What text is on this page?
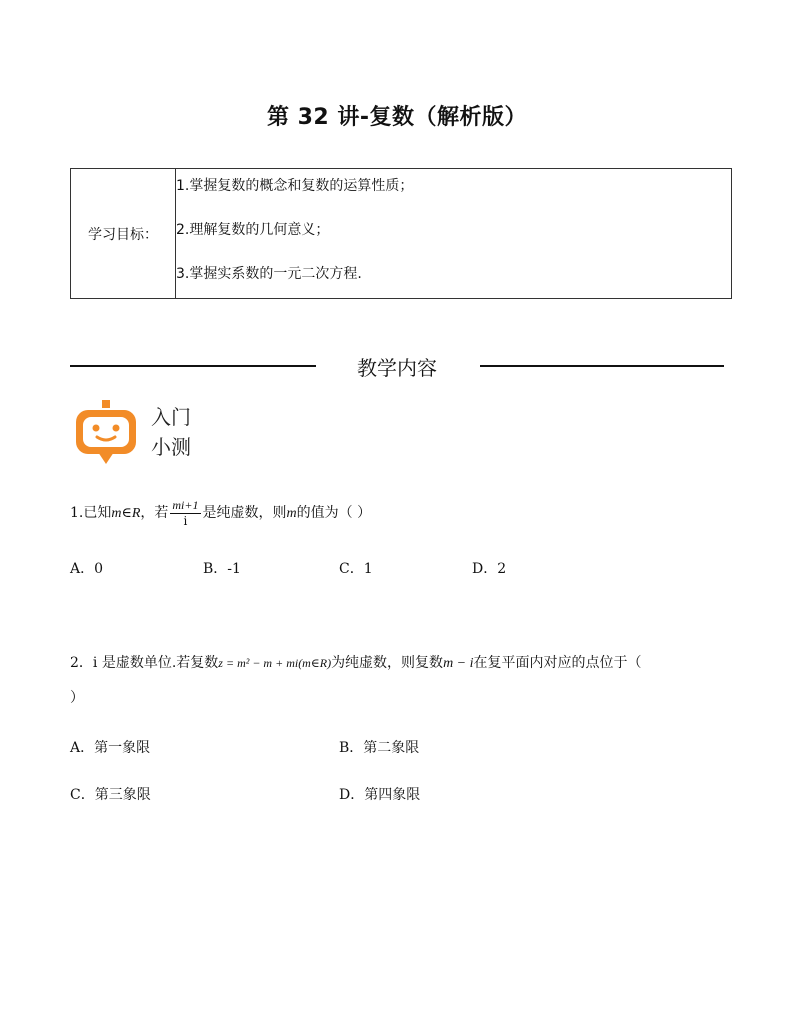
第 32 讲-复数（解析版）
学习目标：
1.掌握复数的概念和复数的运算性质；
2.理解复数的几何意义；
3.掌握实系数的一元二次方程.
教学内容
入门
小测
1.已知m∈R，若 $\frac{mi+1}{i}$ 是纯虚数，则m的值为（ ）
A．0	B．-1	C．1	D．2
2．i 是虚数单位.若复数z = m² − m + mi(m∈R)为纯虚数，则复数m − i在复平面内对应的点位于（
）
A．第一象限	B．第二象限
C．第三象限	D．第四象限
